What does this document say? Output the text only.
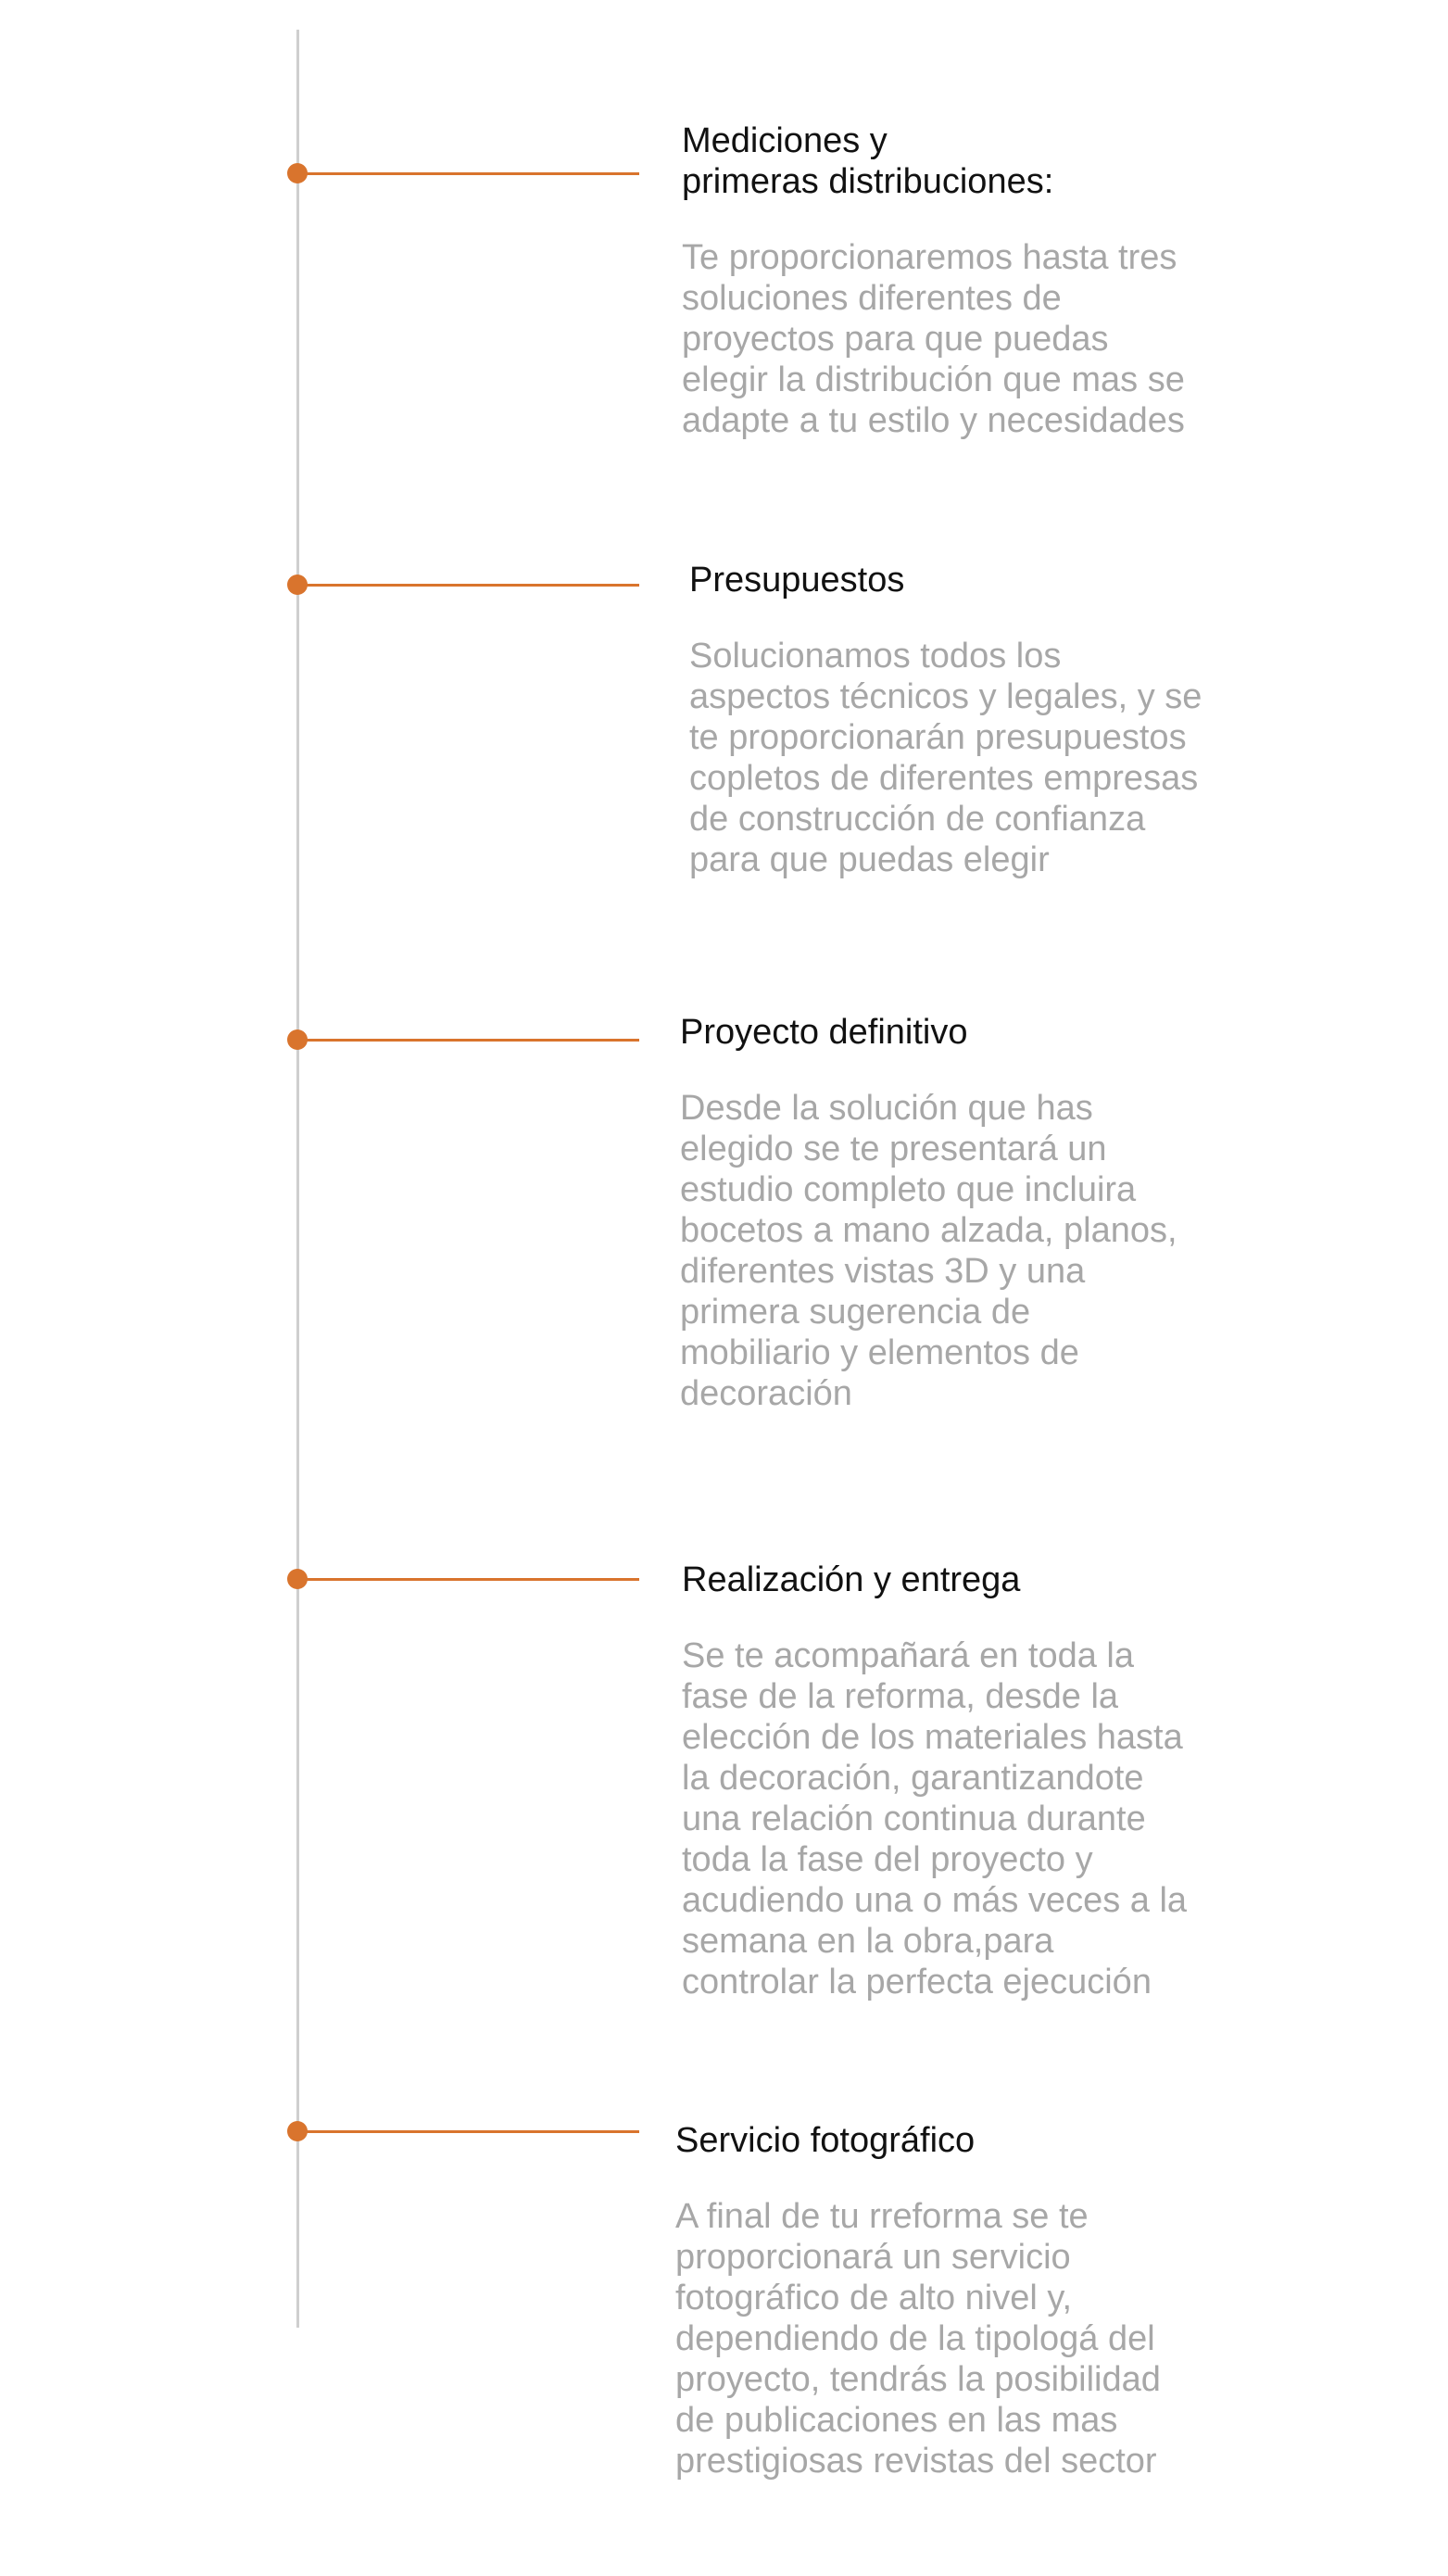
Mediciones y
primeras distribuciones:

Te proporcionaremos hasta tres
soluciones diferentes de
proyectos para que puedas
elegir la distribución que mas se
adapte a tu estilo y necesidades

Presupuestos

Solucionamos todos los
aspectos técnicos y legales, y se
te proporcionarán presupuestos
copletos de diferentes empresas
de construcción de confianza
para que puedas elegir

Proyecto definitivo

Desde la solución que has
elegido se te presentará un
estudio completo que incluira
bocetos a mano alzada, planos,
diferentes vistas 3D y una
primera sugerencia de
mobiliario y elementos de
decoración

Realización y entrega

Se te acompañará en toda la
fase de la reforma, desde la
elección de los materiales hasta
la decoración, garantizandote
una relación continua durante
toda la fase del proyecto y
acudiendo una o más veces a la
semana en la obra,para
controlar la perfecta ejecución

Servicio fotográfico

A final de tu rreforma se te
proporcionará un servicio
fotográfico de alto nivel y,
dependiendo de la tipologá del
proyecto, tendrás la posibilidad
de publicaciones en las mas
prestigiosas revistas del sector
